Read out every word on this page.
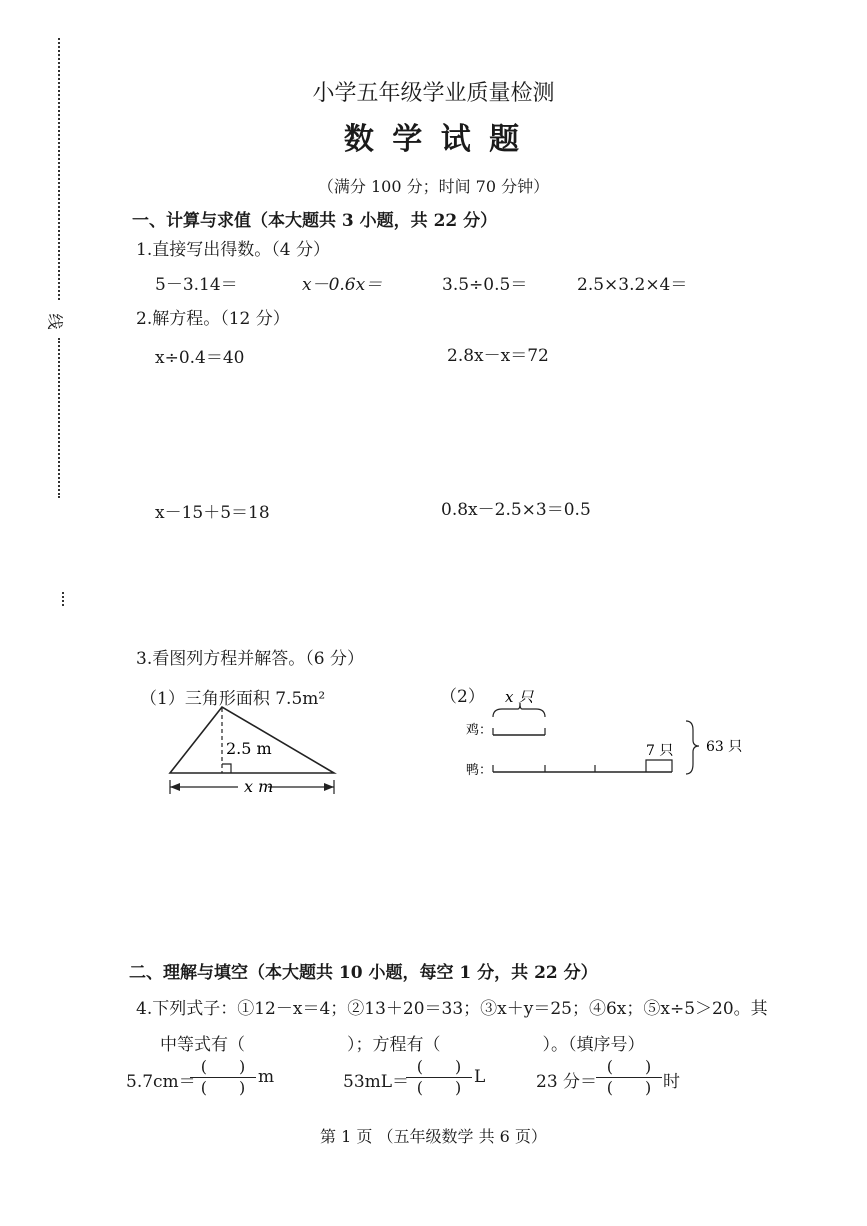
线
小学五年级学业质量检测
数 学 试 题
（满分 100 分；时间 70 分钟）
一、计算与求值（本大题共 3 小题，共 22 分）
1.直接写出得数。（4 分）
5－3.14＝	x－0.6x＝	3.5÷0.5＝	2.5×3.2×4＝
2.解方程。（12 分）
x÷0.4＝40	2.8x－x＝72
x－15＋5＝18	0.8x－2.5×3＝0.5
3.看图列方程并解答。（6 分）
（1）三角形面积 7.5m²	（2）
2.5 m
x m
x 只
鸡：
鸭：
7 只 63 只
二、理解与填空（本大题共 10 小题，每空 1 分，共 22 分）
4.下列式子：①12－x＝4；②13＋20＝33；③x＋y＝25；④6x；⑤x÷5＞20。其
中等式有（　　　　　　）；方程有（　　　　　　）。（填序号）
5.7cm＝
(　　)
(　　)
m	53mL＝
(　　)
(　　)
L	23 分＝
(　　)
(　　) 时
第 1 页 （五年级数学 共 6 页）
